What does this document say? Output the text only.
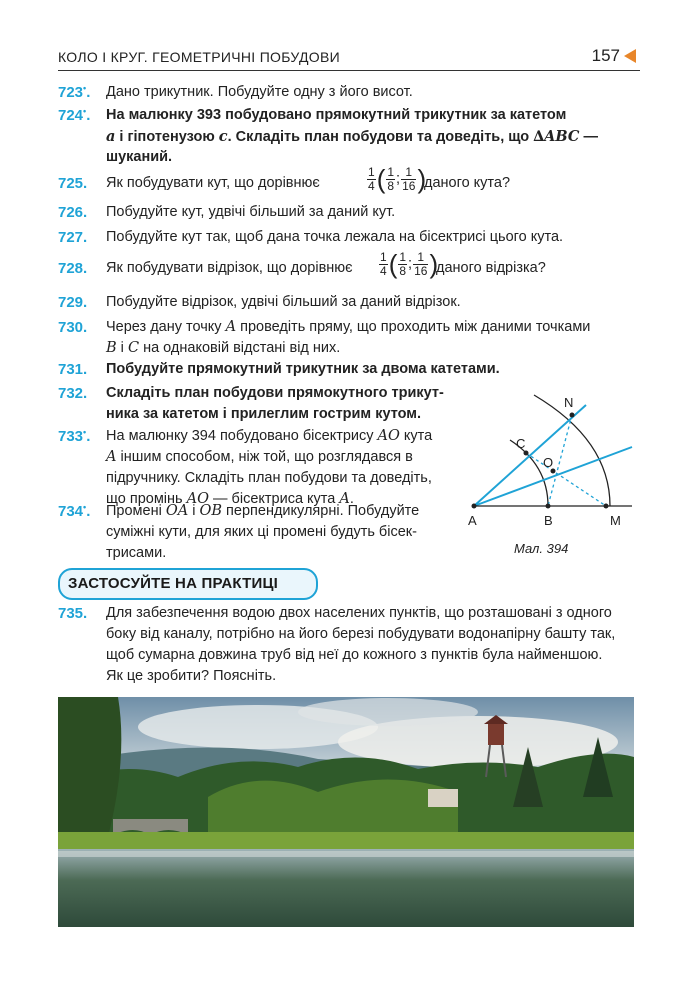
КОЛО І КРУГ. ГЕОМЕТРИЧНІ ПОБУДОВИ	157
723•. Дано трикутник. Побудуйте одну з його висот.
724•. На малюнку 393 побудовано прямокутний трикутник за катетом
a і гіпотенузою c. Складіть план побудови та доведіть, що ∆ABC —
шуканий.
725. Як побудувати кут, що дорівнює	$\frac{1}{4}$ ( $\frac{1}{8}$ ; $\frac{1}{16}$ )
даного кута?
726. Побудуйте кут, удвічі більший за даний кут.
727. Побудуйте кут так, щоб дана точка лежала на бісектрисі цього кута.
728. Як побудувати відрізок, що дорівнює $\frac{1}{4}$ ( $\frac{1}{8}$ ; $\frac{1}{16}$ )
даного відрізка?
729. Побудуйте відрізок, удвічі більший за даний відрізок.
730. Через дану точку A проведіть пряму, що проходить між даними точками
B і C на однаковій відстані від них.
731. Побудуйте прямокутний трикутник за двома катетами.
732. Складіть план побудови прямокутного трикут-
ника за катетом і прилеглим гострим кутом.
733•. На малюнку 394 побудовано бісектрису AO кута
A іншим способом, ніж той, що розглядався в
підручнику. Складіть план побудови та доведіть,
що промінь AO — бісектриса кута A.
734•. Промені OA і OB перпендикулярні. Побудуйте
суміжні кути, для яких ці промені будуть бісек-
трисами.
N
C
O
A	B	M
Мал. 394
ЗАСТОСУЙТЕ НА ПРАКТИЦІ
735. Для забезпечення водою двох населених пунктів, що розташовані з одного
боку від каналу, потрібно на його березі побудувати водонапірну башту так,
щоб сумарна довжина труб від неї до кожного з пунктів була найменшою.
Як це зробити? Поясніть.
